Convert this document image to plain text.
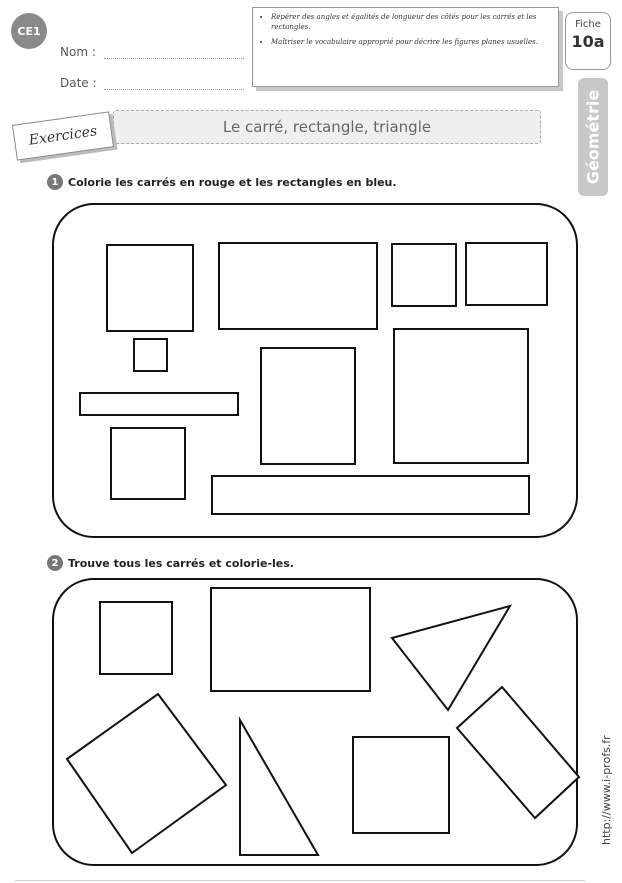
CE1
Nom :
Date :
• Repérer des angles et égalités de longueur des côtés pour les carrés et les rectangles.
• Maîtriser le vocabulaire approprié pour décrire les figures planes usuelles.
Fiche
10a
Géométrie
Le carré, rectangle, triangle
Exercices
1 Colorie les carrés en rouge et les rectangles en bleu.
2 Trouve tous les carrés et colorie-les.
http://www.i-profs.fr
